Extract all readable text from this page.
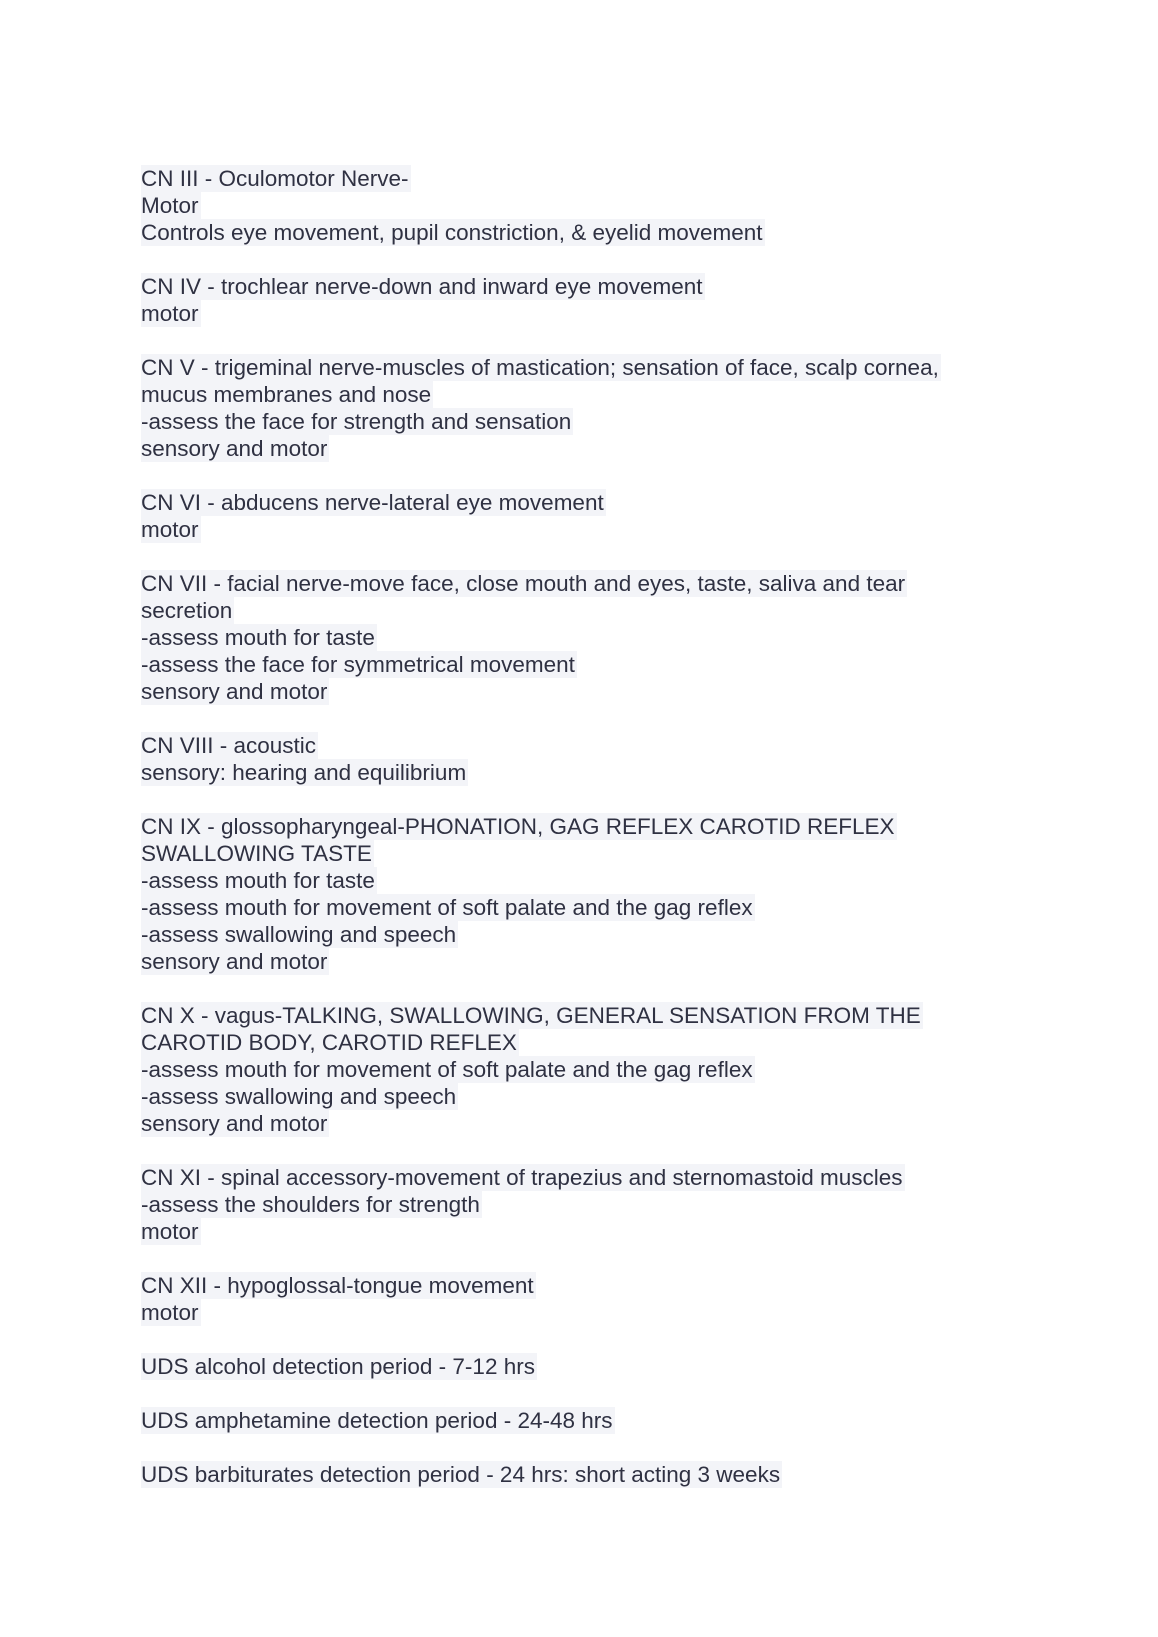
CN III - Oculomotor Nerve-
Motor
Controls eye movement, pupil constriction, & eyelid movement
CN IV - trochlear nerve-down and inward eye movement
motor
CN V - trigeminal nerve-muscles of mastication; sensation of face, scalp cornea,
mucus membranes and nose
-assess the face for strength and sensation
sensory and motor
CN VI - abducens nerve-lateral eye movement
motor
CN VII - facial nerve-move face, close mouth and eyes, taste, saliva and tear
secretion
-assess mouth for taste
-assess the face for symmetrical movement
sensory and motor
CN VIII - acoustic
sensory: hearing and equilibrium
CN IX - glossopharyngeal-PHONATION, GAG REFLEX CAROTID REFLEX
SWALLOWING TASTE
-assess mouth for taste
-assess mouth for movement of soft palate and the gag reflex
-assess swallowing and speech
sensory and motor
CN X - vagus-TALKING, SWALLOWING, GENERAL SENSATION FROM THE
CAROTID BODY, CAROTID REFLEX
-assess mouth for movement of soft palate and the gag reflex
-assess swallowing and speech
sensory and motor
CN XI - spinal accessory-movement of trapezius and sternomastoid muscles
-assess the shoulders for strength
motor
CN XII - hypoglossal-tongue movement
motor
UDS alcohol detection period - 7-12 hrs
UDS amphetamine detection period - 24-48 hrs
UDS barbiturates detection period - 24 hrs: short acting 3 weeks
